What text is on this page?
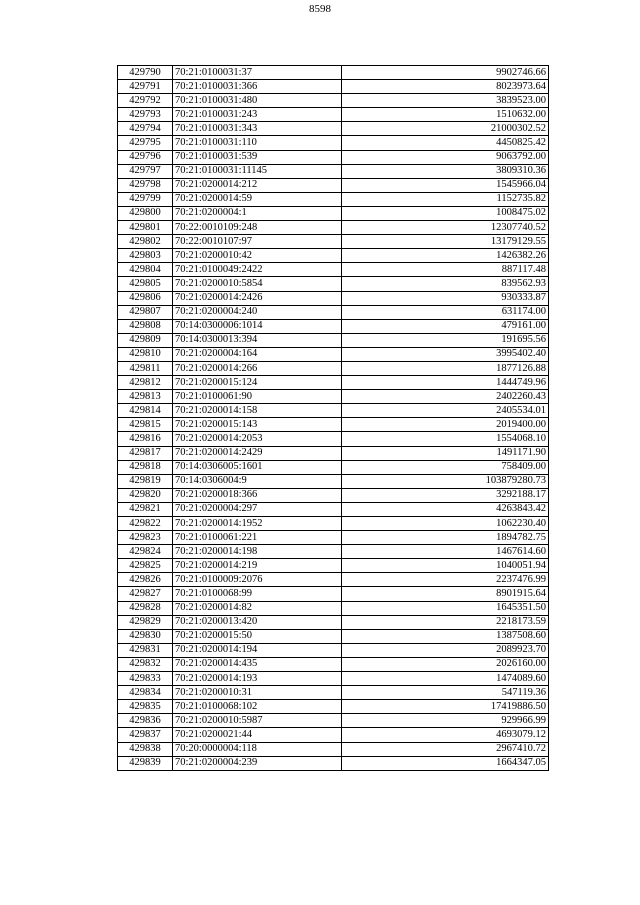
8598
429790	70:21:0100031:37	9902746.66
429791	70:21:0100031:366	8023973.64
429792	70:21:0100031:480	3839523.00
429793	70:21:0100031:243	1510632.00
429794	70:21:0100031:343	21000302.52
429795	70:21:0100031:110	4450825.42
429796	70:21:0100031:539	9063792.00
429797	70:21:0100031:11145	3809310.36
429798	70:21:0200014:212	1545966.04
429799	70:21:0200014:59	1152735.82
429800	70:21:0200004:1	1008475.02
429801	70:22:0010109:248	12307740.52
429802	70:22:0010107:97	13179129.55
429803	70:21:0200010:42	1426382.26
429804	70:21:0100049:2422	887117.48
429805	70:21:0200010:5854	839562.93
429806	70:21:0200014:2426	930333.87
429807	70:21:0200004:240	631174.00
429808	70:14:0300006:1014	479161.00
429809	70:14:0300013:394	191695.56
429810	70:21:0200004:164	3995402.40
429811	70:21:0200014:266	1877126.88
429812	70:21:0200015:124	1444749.96
429813	70:21:0100061:90	2402260.43
429814	70:21:0200014:158	2405534.01
429815	70:21:0200015:143	2019400.00
429816	70:21:0200014:2053	1554068.10
429817	70:21:0200014:2429	1491171.90
429818	70:14:0306005:1601	758409.00
429819	70:14:0306004:9	103879280.73
429820	70:21:0200018:366	3292188.17
429821	70:21:0200004:297	4263843.42
429822	70:21:0200014:1952	1062230.40
429823	70:21:0100061:221	1894782.75
429824	70:21:0200014:198	1467614.60
429825	70:21:0200014:219	1040051.94
429826	70:21:0100009:2076	2237476.99
429827	70:21:0100068:99	8901915.64
429828	70:21:0200014:82	1645351.50
429829	70:21:0200013:420	2218173.59
429830	70:21:0200015:50	1387508.60
429831	70:21:0200014:194	2089923.70
429832	70:21:0200014:435	2026160.00
429833	70:21:0200014:193	1474089.60
429834	70:21:0200010:31	547119.36
429835	70:21:0100068:102	17419886.50
429836	70:21:0200010:5987	929966.99
429837	70:21:0200021:44	4693079.12
429838	70:20:0000004:118	2967410.72
429839	70:21:0200004:239	1664347.05
